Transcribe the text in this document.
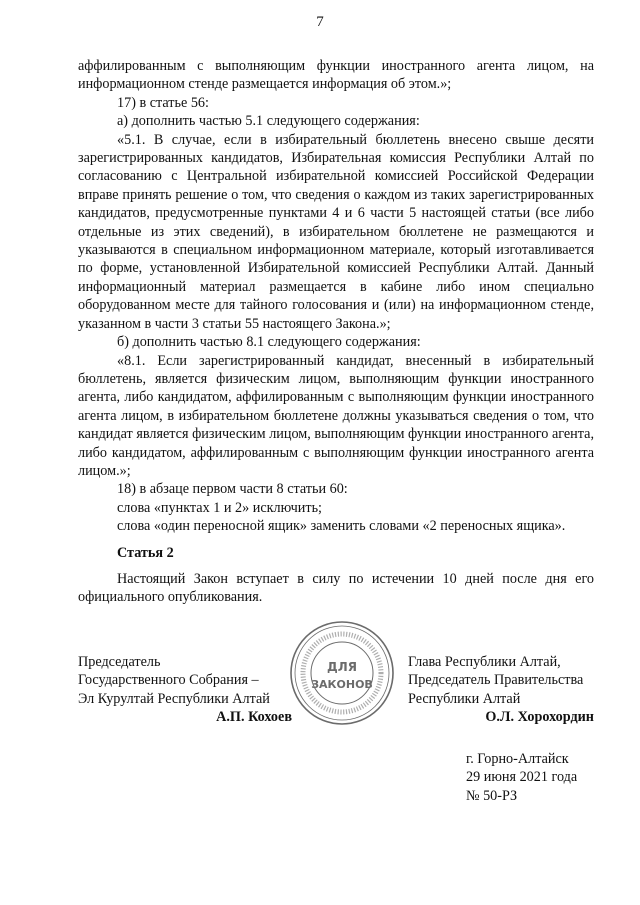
7

аффилированным с выполняющим функции иностранного агента лицом, на информационном стенде размещается информация об этом.»;

17) в статье 56:

а) дополнить частью 5.1 следующего содержания:

«5.1. В случае, если в избирательный бюллетень внесено свыше десяти зарегистрированных кандидатов, Избирательная комиссия Республики Алтай по согласованию с Центральной избирательной комиссией Российской Федерации вправе принять решение о том, что сведения о каждом из таких зарегистрированных кандидатов, предусмотренные пунктами 4 и 6 части 5 настоящей статьи (все либо отдельные из этих сведений), в избирательном бюллетене не размещаются и указываются в специальном информационном материале, который изготавливается по форме, установленной Избирательной комиссией Республики Алтай. Данный информационный материал размещается в кабине либо ином специально оборудованном месте для тайного голосования и (или) на информационном стенде, указанном в части 3 статьи 55 настоящего Закона.»;

б) дополнить частью 8.1 следующего содержания:

«8.1. Если зарегистрированный кандидат, внесенный в избирательный бюллетень, является физическим лицом, выполняющим функции иностранного агента, либо кандидатом, аффилированным с выполняющим функции иностранного агента лицом, в избирательном бюллетене должны указываться сведения о том, что кандидат является физическим лицом, выполняющим функции иностранного агента, либо кандидатом, аффилированным с выполняющим функции иностранного агента лицом.»;

18) в абзаце первом части 8 статьи 60:

слова «пунктах 1 и 2» исключить;

слова «один переносной ящик» заменить словами «2 переносных ящика».

Статья 2

Настоящий Закон вступает в силу по истечении 10 дней после дня его официального опубликования.

Председатель
Государственного Собрания –
Эл Курултай Республики Алтай
А.П. Кохоев
ДЛЯ
ЗАКОНОВ
Глава Республики Алтай,
Председатель Правительства
Республики Алтай
О.Л. Хорохордин
г. Горно-Алтайск
29 июня 2021 года
№ 50-РЗ
